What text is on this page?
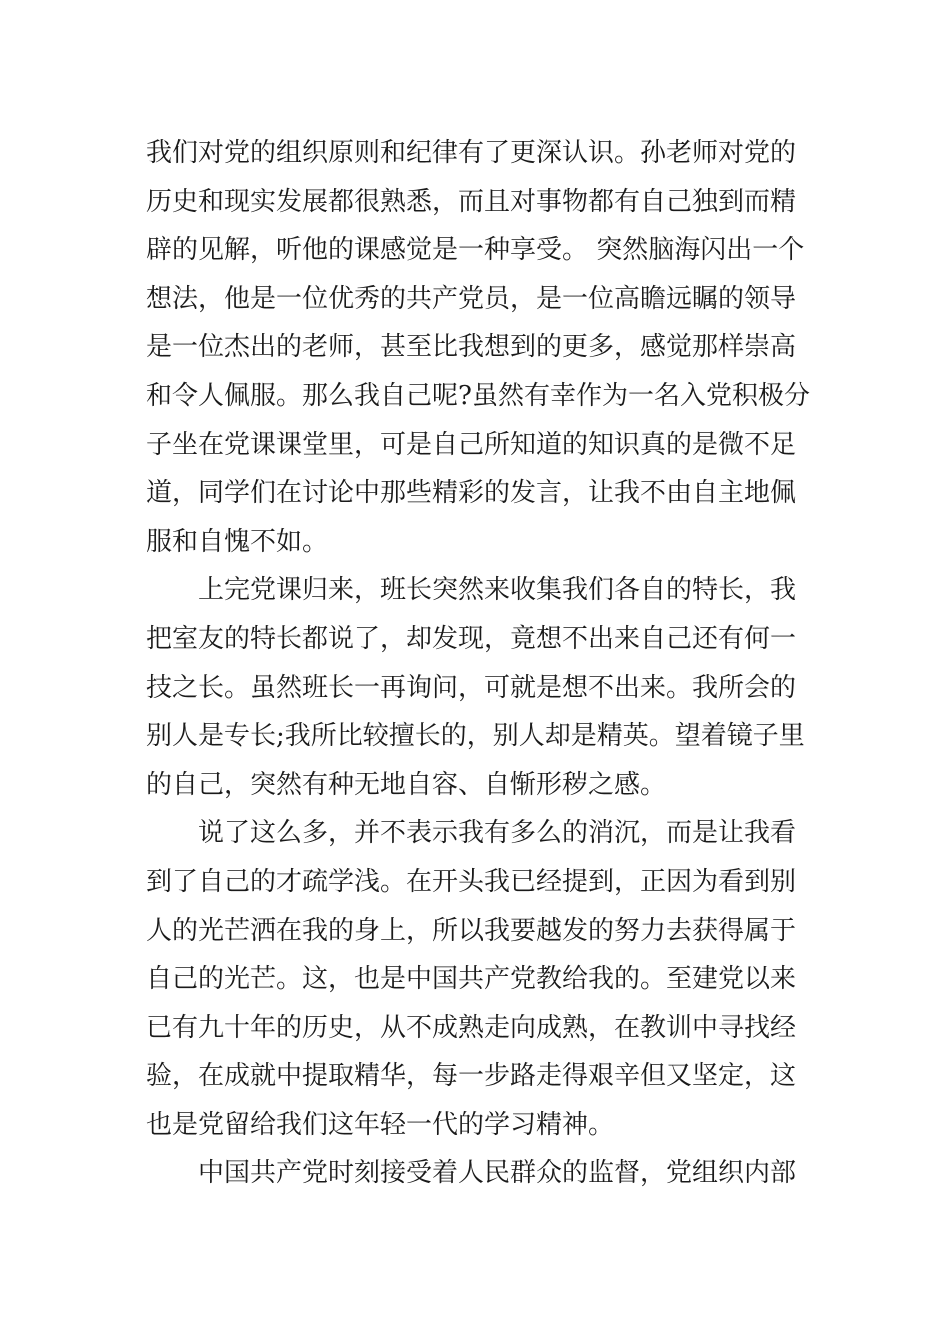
我们对党的组织原则和纪律有了更深认识。孙老师对党的
历史和现实发展都很熟悉，而且对事物都有自己独到而精
辟的见解，听他的课感觉是一种享受。 突然脑海闪出一个
想法，他是一位优秀的共产党员，是一位高瞻远瞩的领导
是一位杰出的老师，甚至比我想到的更多，感觉那样崇高
和令人佩服。那么我自己呢?虽然有幸作为一名入党积极分
子坐在党课课堂里，可是自己所知道的知识真的是微不足
道，同学们在讨论中那些精彩的发言，让我不由自主地佩
服和自愧不如。

上完党课归来，班长突然来收集我们各自的特长，我
把室友的特长都说了，却发现，竟想不出来自己还有何一
技之长。虽然班长一再询问，可就是想不出来。我所会的
别人是专长;我所比较擅长的，别人却是精英。望着镜子里
的自己，突然有种无地自容、自惭形秽之感。

说了这么多，并不表示我有多么的消沉，而是让我看
到了自己的才疏学浅。在开头我已经提到，正因为看到别
人的光芒洒在我的身上，所以我要越发的努力去获得属于
自己的光芒。这，也是中国共产党教给我的。至建党以来
已有九十年的历史，从不成熟走向成熟，在教训中寻找经
验，在成就中提取精华，每一步路走得艰辛但又坚定，这
也是党留给我们这年轻一代的学习精神。

中国共产党时刻接受着人民群众的监督，党组织内部
